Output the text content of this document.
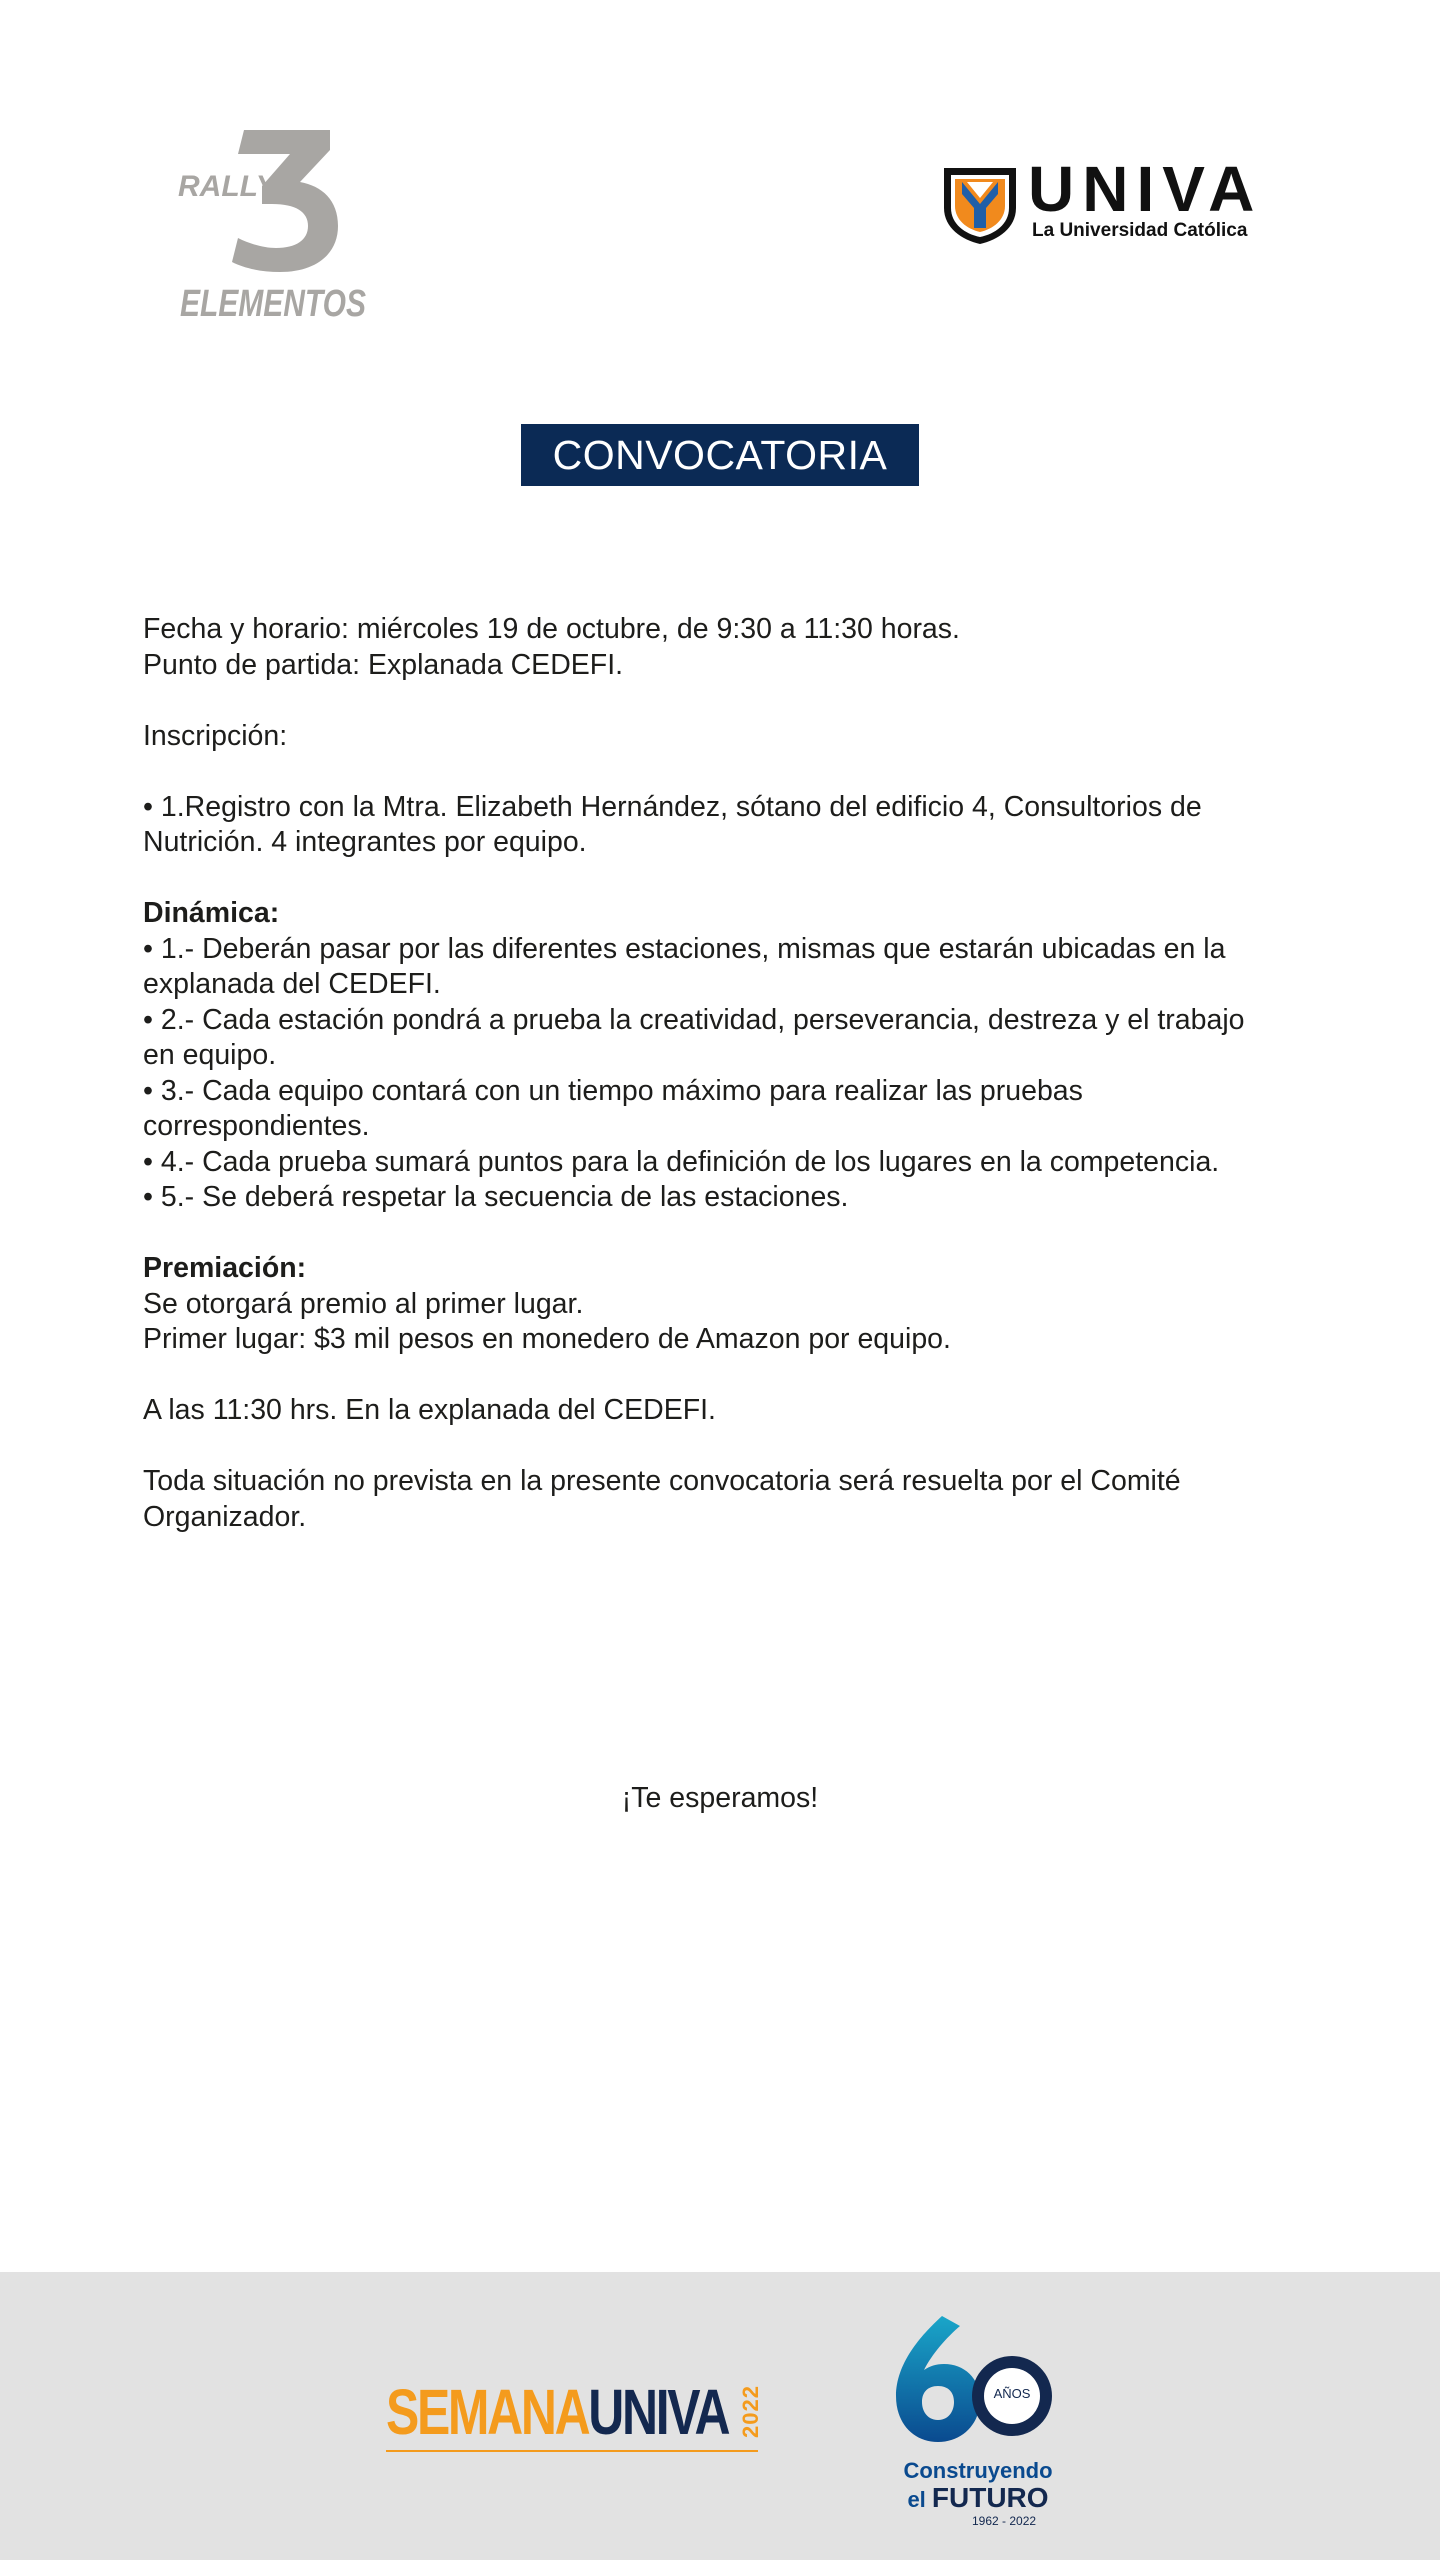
RALLY
ELEMENTOS
UNIVA
La Universidad Católica
CONVOCATORIA

Fecha y horario: miércoles 19 de octubre, de 9:30 a 11:30 horas.

Punto de partida: Explanada CEDEFI.

Inscripción:

• 1.Registro con la Mtra. Elizabeth Hernández, sótano del edificio 4, Consultorios de

Nutrición. 4 integrantes por equipo.

Dinámica:

• 1.- Deberán pasar por las diferentes estaciones, mismas que estarán ubicadas en la

explanada del CEDEFI.

• 2.- Cada estación pondrá a prueba la creatividad, perseverancia, destreza y el trabajo

en equipo.

• 3.- Cada equipo contará con un tiempo máximo para realizar las pruebas

correspondientes.

• 4.- Cada prueba sumará puntos para la definición de los lugares en la competencia.

• 5.- Se deberá respetar la secuencia de las estaciones.

Premiación:

Se otorgará premio al primer lugar.

Primer lugar: $3 mil pesos en monedero de Amazon por equipo.

A las 11:30 hrs. En la explanada del CEDEFI.

Toda situación no prevista en la presente convocatoria será resuelta por el Comité

Organizador.

¡Te esperamos!
SEMANAUNIVA 2022	AÑOS
Construyendo
el FUTURO
1962 - 2022
